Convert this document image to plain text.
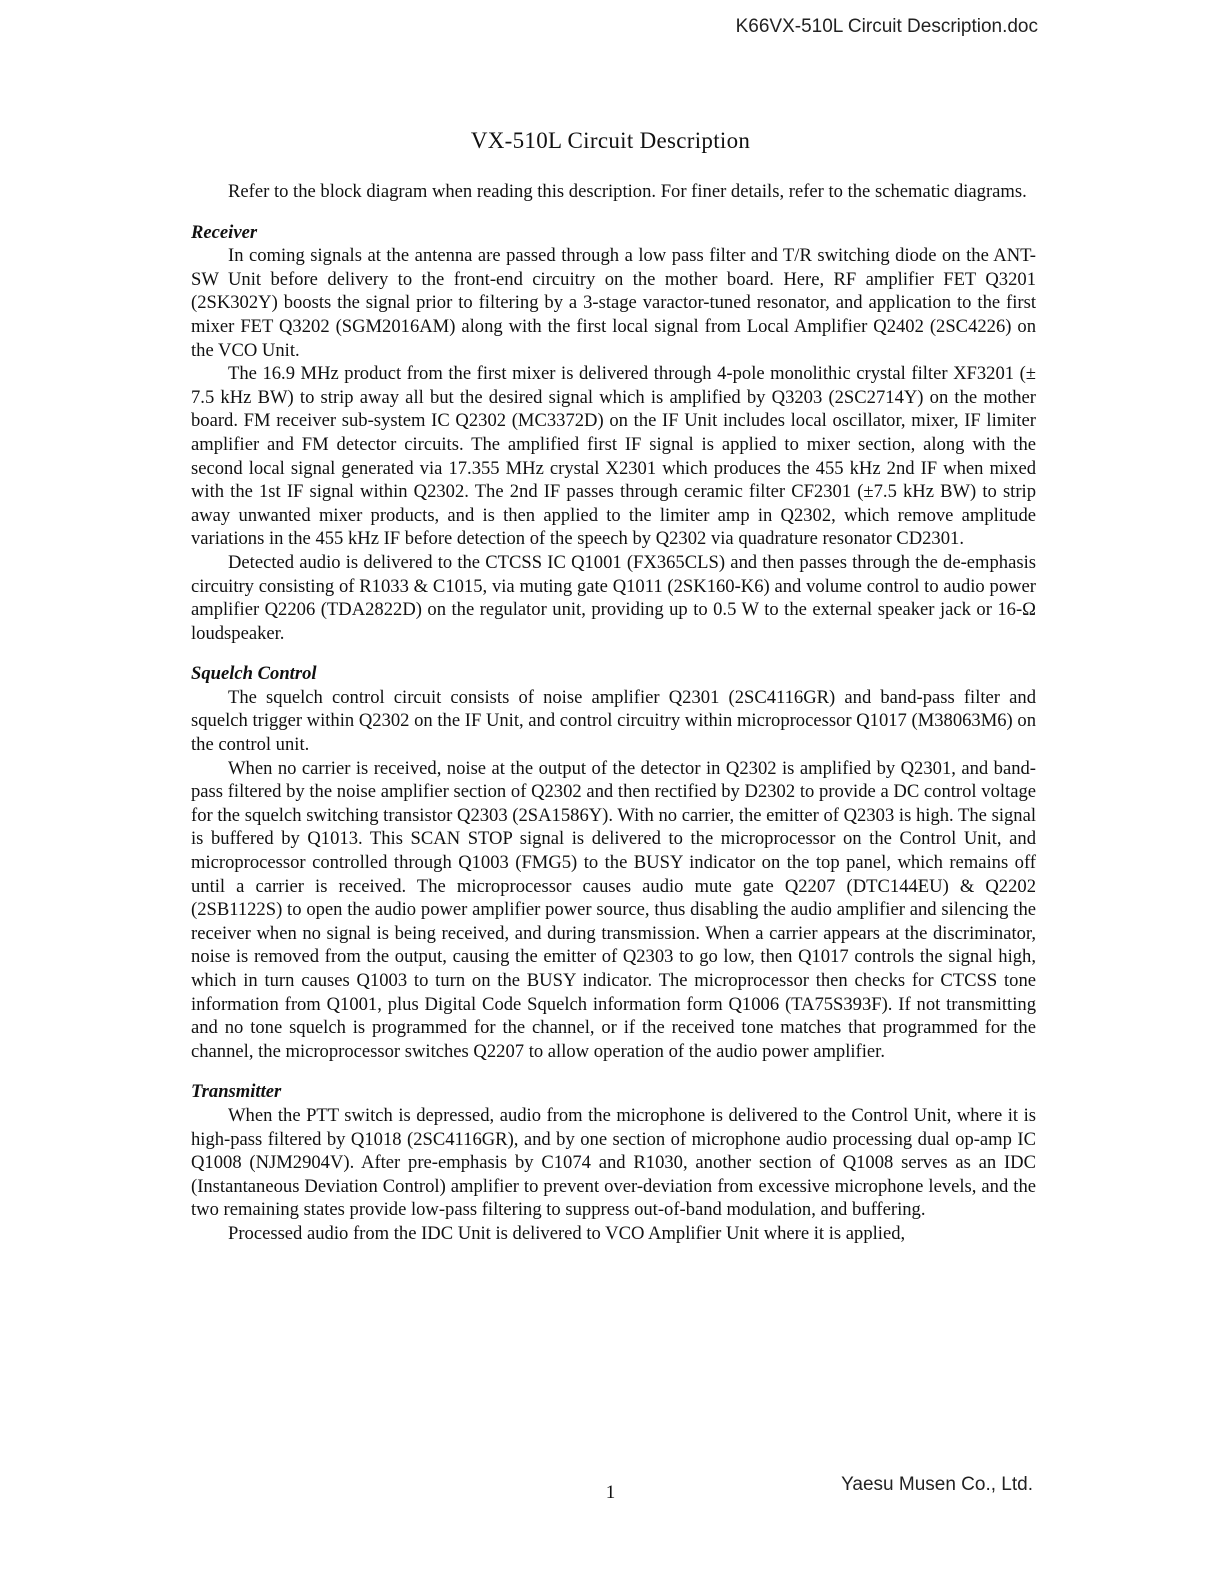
K66VX-510L Circuit Description.doc
VX-510L Circuit Description

Refer to the block diagram when reading this description. For finer details, refer to the schematic diagrams.

Receiver

In coming signals at the antenna are passed through a low pass filter and T/R switching diode on the ANT-SW Unit before delivery to the front-end circuitry on the mother board. Here, RF amplifier FET Q3201 (2SK302Y) boosts the signal prior to filtering by a 3-stage varactor-tuned resonator, and application to the first mixer FET Q3202 (SGM2016AM) along with the first local signal from Local Amplifier Q2402 (2SC4226) on the VCO Unit.

The 16.9 MHz product from the first mixer is delivered through 4-pole monolithic crystal filter XF3201 (± 7.5 kHz BW) to strip away all but the desired signal which is amplified by Q3203 (2SC2714Y) on the mother board. FM receiver sub-system IC Q2302 (MC3372D) on the IF Unit includes local oscillator, mixer, IF limiter amplifier and FM detector circuits. The amplified first IF signal is applied to mixer section, along with the second local signal generated via 17.355 MHz crystal X2301 which produces the 455 kHz 2nd IF when mixed with the 1st IF signal within Q2302. The 2nd IF passes through ceramic filter CF2301 (±7.5 kHz BW) to strip away unwanted mixer products, and is then applied to the limiter amp in Q2302, which remove amplitude variations in the 455 kHz IF before detection of the speech by Q2302 via quadrature resonator CD2301.

Detected audio is delivered to the CTCSS IC Q1001 (FX365CLS) and then passes through the de-emphasis circuitry consisting of R1033 & C1015, via muting gate Q1011 (2SK160-K6) and volume control to audio power amplifier Q2206 (TDA2822D) on the regulator unit, providing up to 0.5 W to the external speaker jack or 16-Ω loudspeaker.

Squelch Control

The squelch control circuit consists of noise amplifier Q2301 (2SC4116GR) and band-pass filter and squelch trigger within Q2302 on the IF Unit, and control circuitry within microprocessor Q1017 (M38063M6) on the control unit.

When no carrier is received, noise at the output of the detector in Q2302 is amplified by Q2301, and band-pass filtered by the noise amplifier section of Q2302 and then rectified by D2302 to provide a DC control voltage for the squelch switching transistor Q2303 (2SA1586Y). With no carrier, the emitter of Q2303 is high. The signal is buffered by Q1013. This SCAN STOP signal is delivered to the microprocessor on the Control Unit, and microprocessor controlled through Q1003 (FMG5) to the BUSY indicator on the top panel, which remains off until a carrier is received. The microprocessor causes audio mute gate Q2207 (DTC144EU) & Q2202 (2SB1122S) to open the audio power amplifier power source, thus disabling the audio amplifier and silencing the receiver when no signal is being received, and during transmission. When a carrier appears at the discriminator, noise is removed from the output, causing the emitter of Q2303 to go low, then Q1017 controls the signal high, which in turn causes Q1003 to turn on the BUSY indicator. The microprocessor then checks for CTCSS tone information from Q1001, plus Digital Code Squelch information form Q1006 (TA75S393F). If not transmitting and no tone squelch is programmed for the channel, or if the received tone matches that programmed for the channel, the microprocessor switches Q2207 to allow operation of the audio power amplifier.

Transmitter

When the PTT switch is depressed, audio from the microphone is delivered to the Control Unit, where it is high-pass filtered by Q1018 (2SC4116GR), and by one section of microphone audio processing dual op-amp IC Q1008 (NJM2904V). After pre-emphasis by C1074 and R1030, another section of Q1008 serves as an IDC (Instantaneous Deviation Control) amplifier to prevent over-deviation from excessive microphone levels, and the two remaining states provide low-pass filtering to suppress out-of-band modulation, and buffering.

Processed audio from the IDC Unit is delivered to VCO Amplifier Unit where it is applied,

1	Yaesu Musen Co., Ltd.
